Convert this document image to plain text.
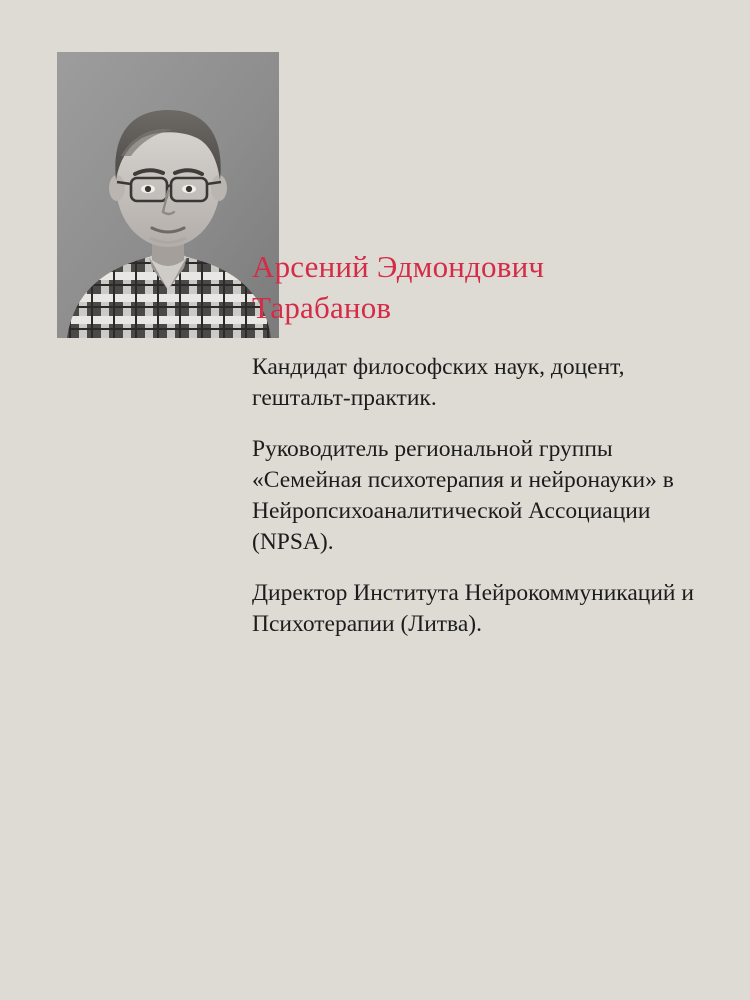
Арсений Эдмондович
Тарабанов

Кандидат философских наук, доцент, гештальт-практик.

Руководитель региональной группы «Семейная психотерапия и нейронауки» в Нейропсихоаналитической Ассоциации (NPSA).

Директор Института Нейрокоммуникаций и Психотерапии (Литва).
